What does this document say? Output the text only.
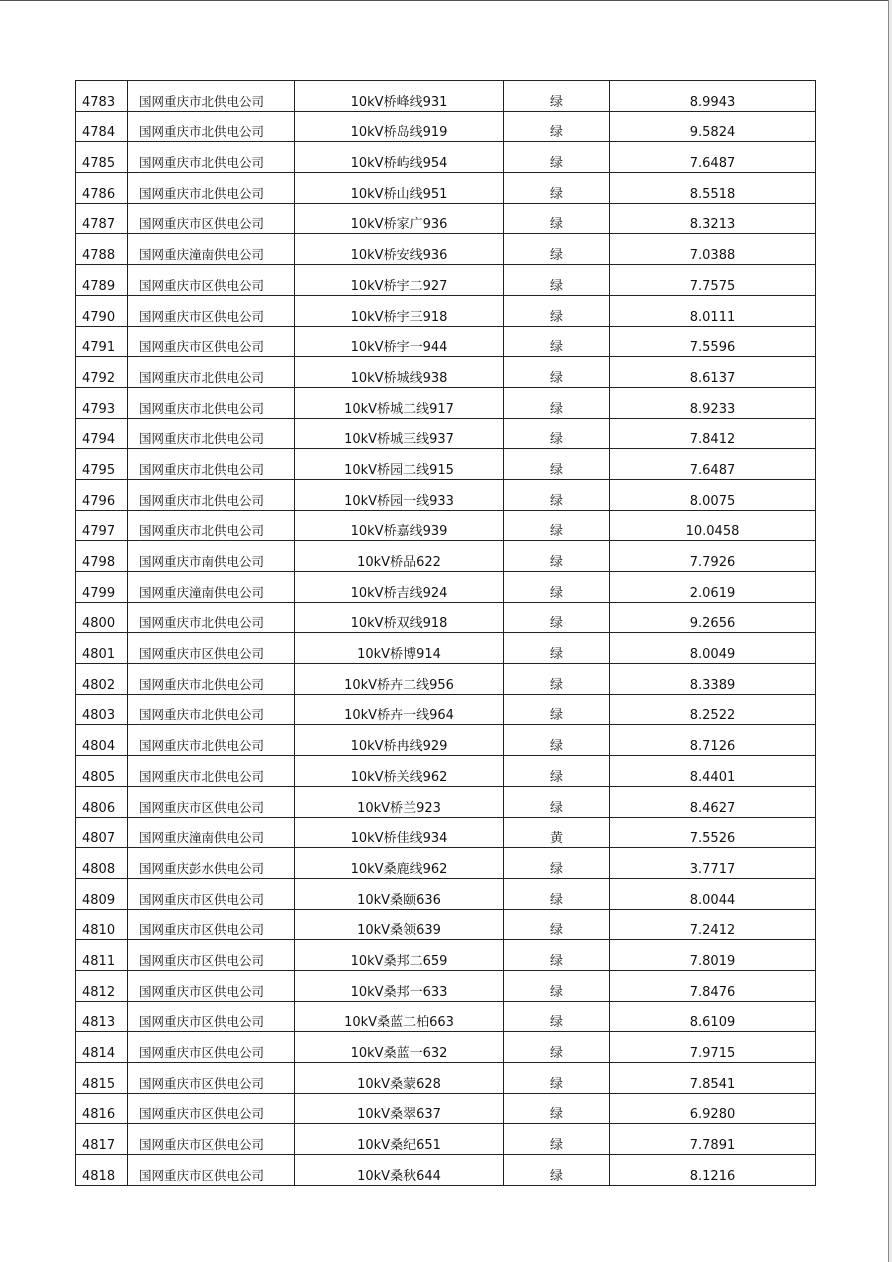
4783	国网重庆市北供电公司	10kV桥峰线931	绿	8.9943
4784	国网重庆市北供电公司	10kV桥岛线919	绿	9.5824
4785	国网重庆市北供电公司	10kV桥屿线954	绿	7.6487
4786	国网重庆市北供电公司	10kV桥山线951	绿	8.5518
4787	国网重庆市区供电公司	10kV桥家广936	绿	8.3213
4788	国网重庆潼南供电公司	10kV桥安线936	绿	7.0388
4789	国网重庆市区供电公司	10kV桥宇二927	绿	7.7575
4790	国网重庆市区供电公司	10kV桥宇三918	绿	8.0111
4791	国网重庆市区供电公司	10kV桥宇一944	绿	7.5596
4792	国网重庆市北供电公司	10kV桥城线938	绿	8.6137
4793	国网重庆市北供电公司	10kV桥城二线917	绿	8.9233
4794	国网重庆市北供电公司	10kV桥城三线937	绿	7.8412
4795	国网重庆市北供电公司	10kV桥园二线915	绿	7.6487
4796	国网重庆市北供电公司	10kV桥园一线933	绿	8.0075
4797	国网重庆市北供电公司	10kV桥嘉线939	绿	10.0458
4798	国网重庆市南供电公司	10kV桥品622	绿	7.7926
4799	国网重庆潼南供电公司	10kV桥吉线924	绿	2.0619
4800	国网重庆市北供电公司	10kV桥双线918	绿	9.2656
4801	国网重庆市区供电公司	10kV桥博914	绿	8.0049
4802	国网重庆市北供电公司	10kV桥卉二线956	绿	8.3389
4803	国网重庆市北供电公司	10kV桥卉一线964	绿	8.2522
4804	国网重庆市北供电公司	10kV桥冉线929	绿	8.7126
4805	国网重庆市北供电公司	10kV桥关线962	绿	8.4401
4806	国网重庆市区供电公司	10kV桥兰923	绿	8.4627
4807	国网重庆潼南供电公司	10kV桥佳线934	黄	7.5526
4808	国网重庆彭水供电公司	10kV桑鹿线962	绿	3.7717
4809	国网重庆市区供电公司	10kV桑颐636	绿	8.0044
4810	国网重庆市区供电公司	10kV桑领639	绿	7.2412
4811	国网重庆市区供电公司	10kV桑邦二659	绿	7.8019
4812	国网重庆市区供电公司	10kV桑邦一633	绿	7.8476
4813	国网重庆市区供电公司	10kV桑蓝二柏663	绿	8.6109
4814	国网重庆市区供电公司	10kV桑蓝一632	绿	7.9715
4815	国网重庆市区供电公司	10kV桑蒙628	绿	7.8541
4816	国网重庆市区供电公司	10kV桑翠637	绿	6.9280
4817	国网重庆市区供电公司	10kV桑纪651	绿	7.7891
4818	国网重庆市区供电公司	10kV桑秋644	绿	8.1216
